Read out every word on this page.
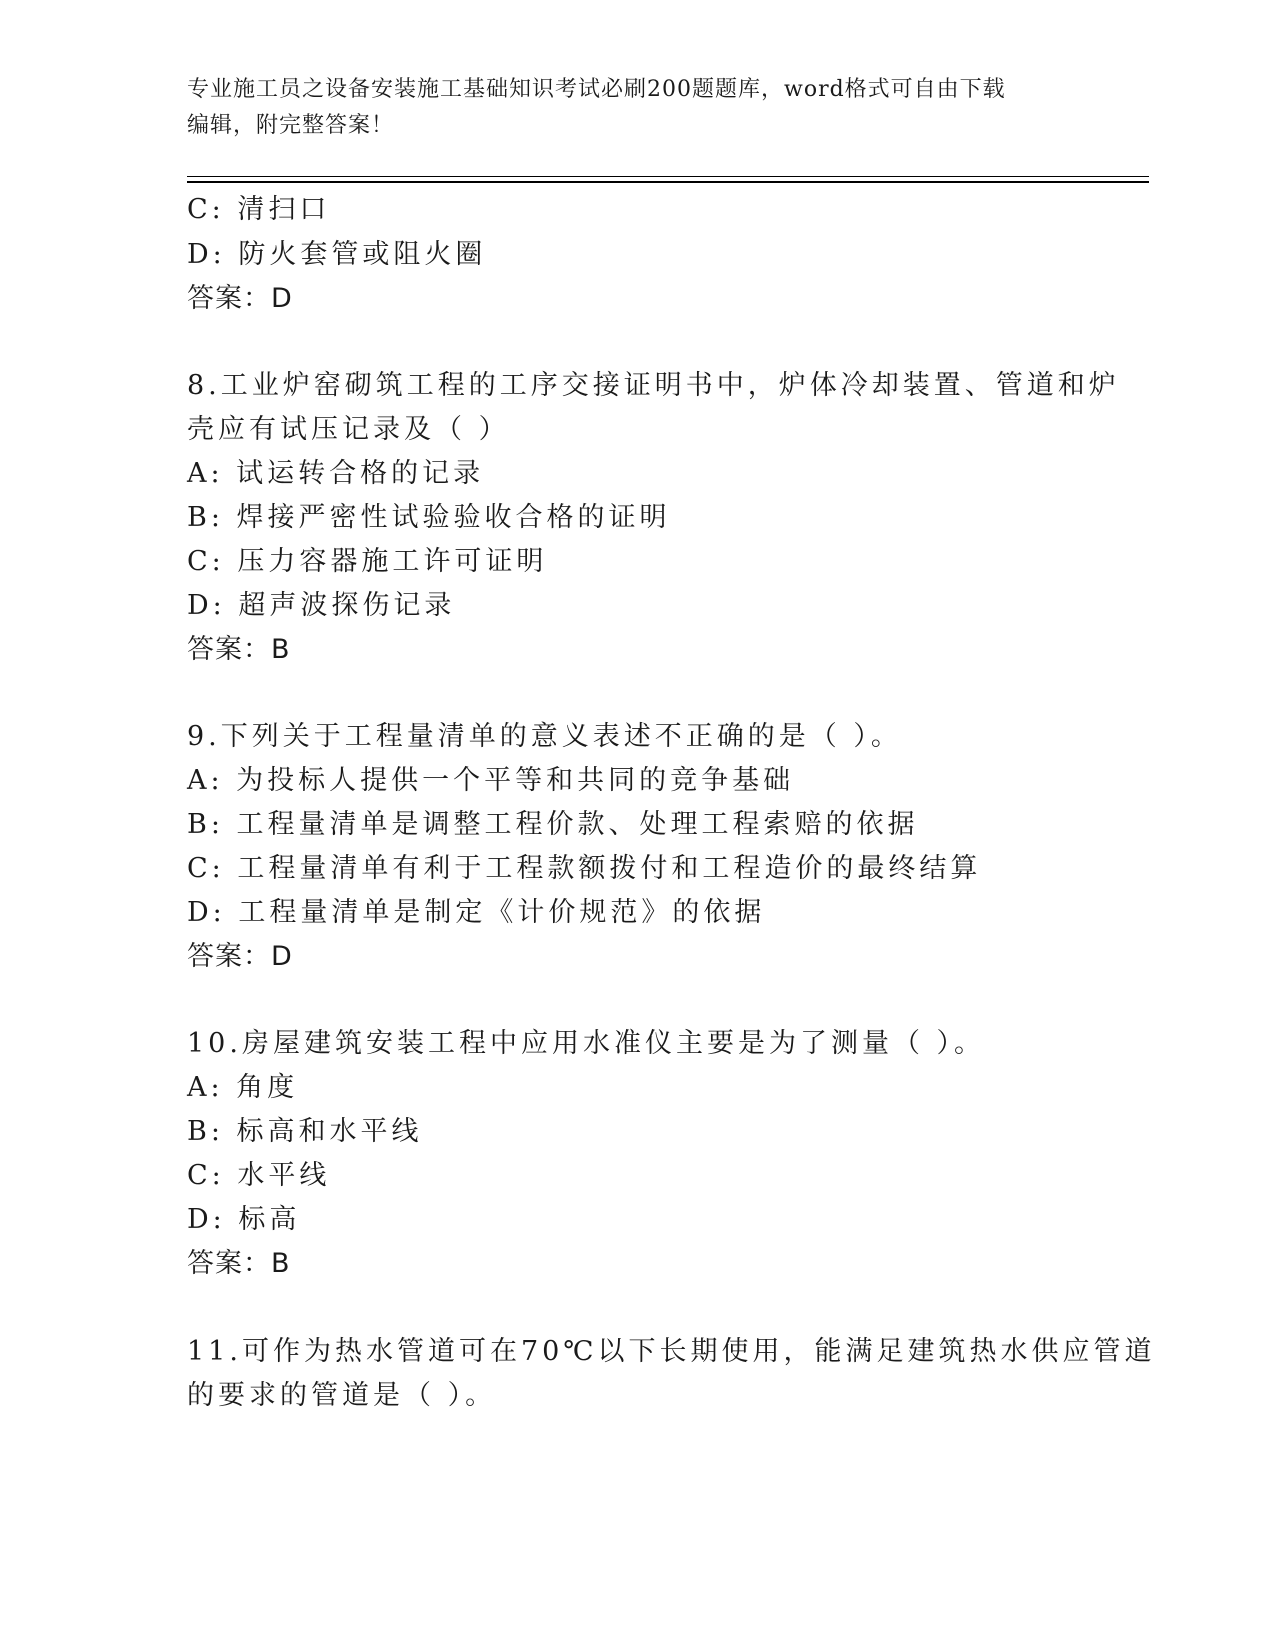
专业施工员之设备安装施工基础知识考试必刷200题题库，word格式可自由下载
编辑，附完整答案！
C: 清扫口
D: 防火套管或阻火圈
答案：D
8.工业炉窑砌筑工程的工序交接证明书中，炉体冷却装置、管道和炉
壳应有试压记录及（ ）
A: 试运转合格的记录
B: 焊接严密性试验验收合格的证明
C: 压力容器施工许可证明
D: 超声波探伤记录
答案：B
9.下列关于工程量清单的意义表述不正确的是（ ）。
A: 为投标人提供一个平等和共同的竞争基础
B: 工程量清单是调整工程价款、处理工程索赔的依据
C: 工程量清单有利于工程款额拨付和工程造价的最终结算
D: 工程量清单是制定《计价规范》的依据
答案：D
10.房屋建筑安装工程中应用水准仪主要是为了测量（ ）。
A: 角度
B: 标高和水平线
C: 水平线
D: 标高
答案：B
11.可作为热水管道可在70℃以下长期使用，能满足建筑热水供应管道
的要求的管道是（ ）。
